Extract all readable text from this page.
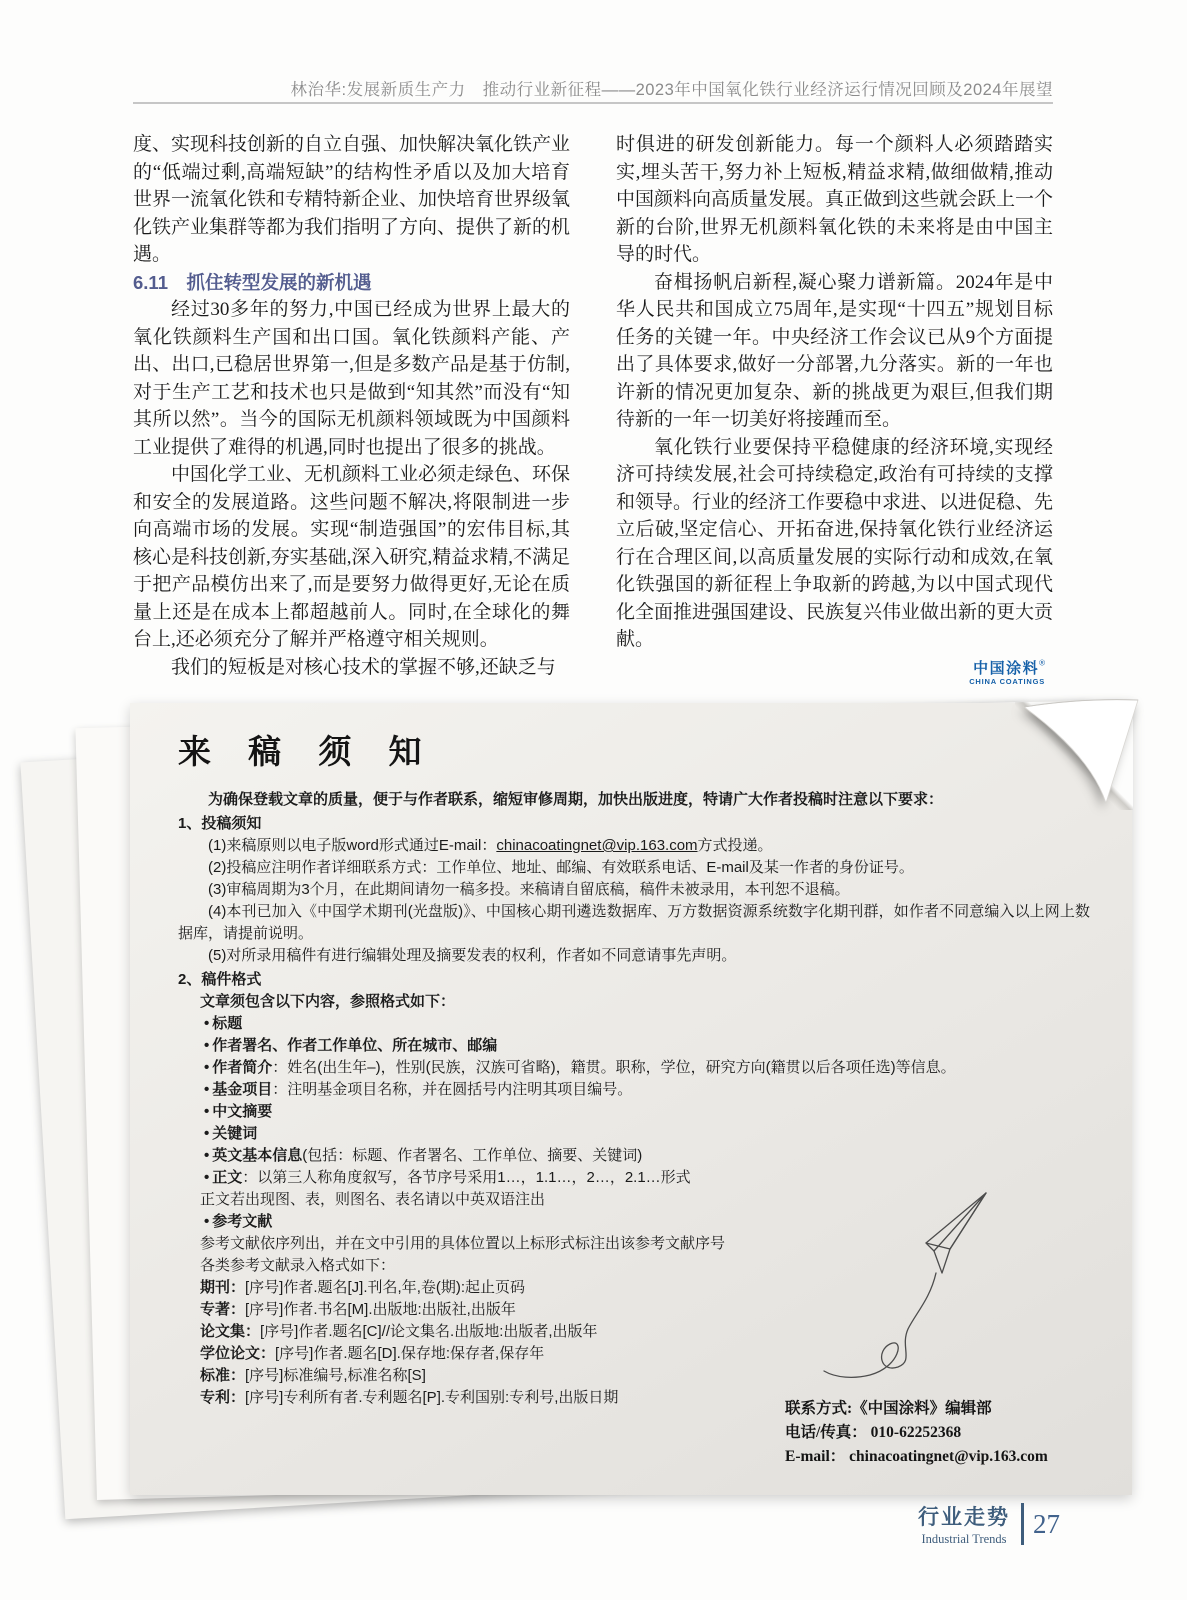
林治华:发展新质生产力　推动行业新征程——2023年中国氧化铁行业经济运行情况回顾及2024年展望

度、实现科技创新的自立自强、加快解决氧化铁产业的“低端过剩,高端短缺”的结构性矛盾以及加大培育世界一流氧化铁和专精特新企业、加快培育世界级氧化铁产业集群等都为我们指明了方向、提供了新的机遇。

6.11　抓住转型发展的新机遇

经过30多年的努力,中国已经成为世界上最大的氧化铁颜料生产国和出口国。氧化铁颜料产能、产出、出口,已稳居世界第一,但是多数产品是基于仿制,对于生产工艺和技术也只是做到“知其然”而没有“知其所以然”。当今的国际无机颜料领域既为中国颜料工业提供了难得的机遇,同时也提出了很多的挑战。

中国化学工业、无机颜料工业必须走绿色、环保和安全的发展道路。这些问题不解决,将限制进一步向高端市场的发展。实现“制造强国”的宏伟目标,其核心是科技创新,夯实基础,深入研究,精益求精,不满足于把产品模仿出来了,而是要努力做得更好,无论在质量上还是在成本上都超越前人。同时,在全球化的舞台上,还必须充分了解并严格遵守相关规则。

我们的短板是对核心技术的掌握不够,还缺乏与

时俱进的研发创新能力。每一个颜料人必须踏踏实实,埋头苦干,努力补上短板,精益求精,做细做精,推动中国颜料向高质量发展。真正做到这些就会跃上一个新的台阶,世界无机颜料氧化铁的未来将是由中国主导的时代。

奋楫扬帆启新程,凝心聚力谱新篇。2024年是中华人民共和国成立75周年,是实现“十四五”规划目标任务的关键一年。中央经济工作会议已从9个方面提出了具体要求,做好一分部署,九分落实。新的一年也许新的情况更加复杂、新的挑战更为艰巨,但我们期待新的一年一切美好将接踵而至。

氧化铁行业要保持平稳健康的经济环境,实现经济可持续发展,社会可持续稳定,政治有可持续的支撑和领导。行业的经济工作要稳中求进、以进促稳、先立后破,坚定信心、开拓奋进,保持氧化铁行业经济运行在合理区间,以高质量发展的实际行动和成效,在氧化铁强国的新征程上争取新的跨越,为以中国式现代化全面推进强国建设、民族复兴伟业做出新的更大贡献。

中国涂料®
CHINA COATINGS
来 稿 须 知

为确保登载文章的质量，便于与作者联系，缩短审修周期，加快出版进度，特请广大作者投稿时注意以下要求：

1、投稿须知

(1)来稿原则以电子版word形式通过E-mail：chinacoatingnet@vip.163.com方式投递。

(2)投稿应注明作者详细联系方式：工作单位、地址、邮编、有效联系电话、E-mail及某一作者的身份证号。

(3)审稿周期为3个月，在此期间请勿一稿多投。来稿请自留底稿，稿件未被录用，本刊恕不退稿。

(4)本刊已加入《中国学术期刊(光盘版)》、中国核心期刊遴选数据库、万方数据资源系统数字化期刊群，如作者不同意编入以上网上数据库，请提前说明。

(5)对所录用稿件有进行编辑处理及摘要发表的权利，作者如不同意请事先声明。

2、稿件格式

文章须包含以下内容，参照格式如下：

• 标题

• 作者署名、作者工作单位、所在城市、邮编

• 作者简介：姓名(出生年–)，性别(民族，汉族可省略)，籍贯。职称，学位，研究方向(籍贯以后各项任选)等信息。

• 基金项目：注明基金项目名称，并在圆括号内注明其项目编号。

• 中文摘要

• 关键词

• 英文基本信息(包括：标题、作者署名、工作单位、摘要、关键词)

• 正文：以第三人称角度叙写，各节序号采用1…，1.1…，2…，2.1…形式

正文若出现图、表，则图名、表名请以中英双语注出

• 参考文献

参考文献依序列出，并在文中引用的具体位置以上标形式标注出该参考文献序号

各类参考文献录入格式如下：

期刊：[序号]作者.题名[J].刊名,年,卷(期):起止页码

专著：[序号]作者.书名[M].出版地:出版社,出版年

论文集：[序号]作者.题名[C]//论文集名.出版地:出版者,出版年

学位论文：[序号]作者.题名[D].保存地:保存者,保存年

标准：[序号]标准编号,标准名称[S]

专利：[序号]专利所有者.专利题名[P].专利国别:专利号,出版日期

联系方式:《中国涂料》编辑部
电话/传真： 010-62252368
E-mail： chinacoatingnet@vip.163.com
行业走势
Industrial Trends
27
